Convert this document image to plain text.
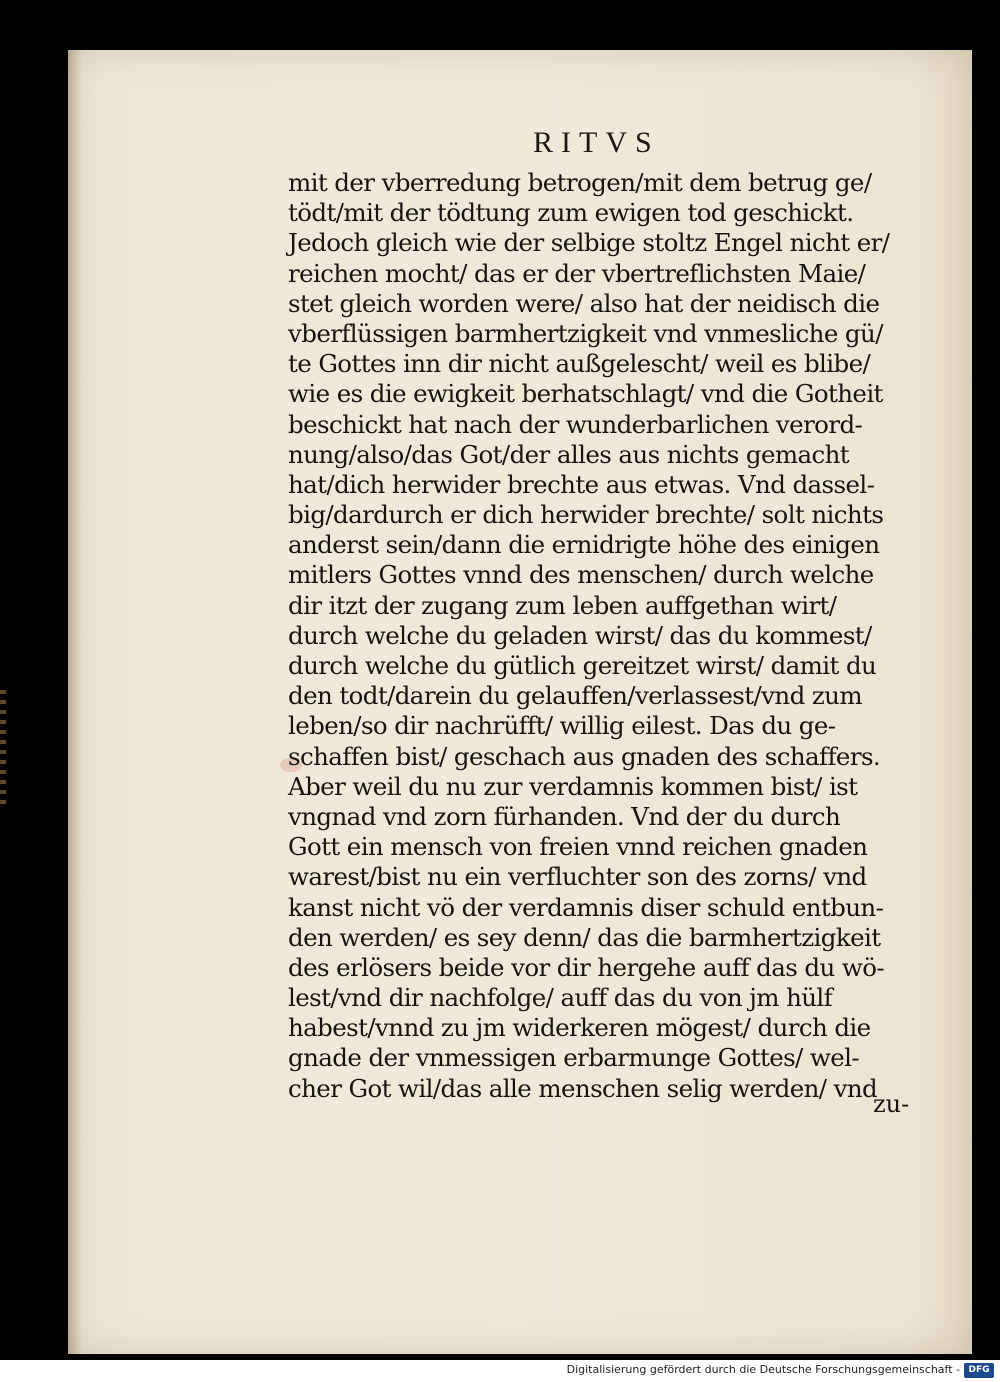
RITVS
mit der vberredung betrogen/mit dem betrug ge/
tödt/mit der tödtung zum ewigen tod geschickt.
Jedoch gleich wie der selbige stoltz Engel nicht er/
reichen mocht/ das er der vbertreflichsten Maie/
stet gleich worden were/ also hat der neidisch die
vberflüssigen barmhertzigkeit vnd vnmesliche gü/
te Gottes inn dir nicht außgelescht/ weil es blibe/
wie es die ewigkeit berhatschlagt/ vnd die Gotheit
beschickt hat nach der wunderbarlichen verord-
nung/also/das Got/der alles aus nichts gemacht
hat/dich herwider brechte aus etwas. Vnd dassel-
big/dardurch er dich herwider brechte/ solt nichts
anderst sein/dann die ernidrigte höhe des einigen
mitlers Gottes vnnd des menschen/ durch welche
dir itzt der zugang zum leben auffgethan wirt/
durch welche du geladen wirst/ das du kommest/
durch welche du gütlich gereitzet wirst/ damit du
den todt/darein du gelauffen/verlassest/vnd zum
leben/so dir nachrüfft/ willig eilest. Das du ge-
schaffen bist/ geschach aus gnaden des schaffers.
Aber weil du nu zur verdamnis kommen bist/ ist
vngnad vnd zorn fürhanden. Vnd der du durch
Gott ein mensch von freien vnnd reichen gnaden
warest/bist nu ein verfluchter son des zorns/ vnd
kanst nicht vö der verdamnis diser schuld entbun-
den werden/ es sey denn/ das die barmhertzigkeit
des erlösers beide vor dir hergehe auff das du wö-
lest/vnd dir nachfolge/ auff das du von jm hülf
habest/vnnd zu jm widerkeren mögest/ durch die
gnade der vnmessigen erbarmunge Gottes/ wel-
cher Got wil/das alle menschen selig werden/ vnd
zu-
Digitalisierung gefördert durch die Deutsche Forschungsgemeinschaft - DFG
